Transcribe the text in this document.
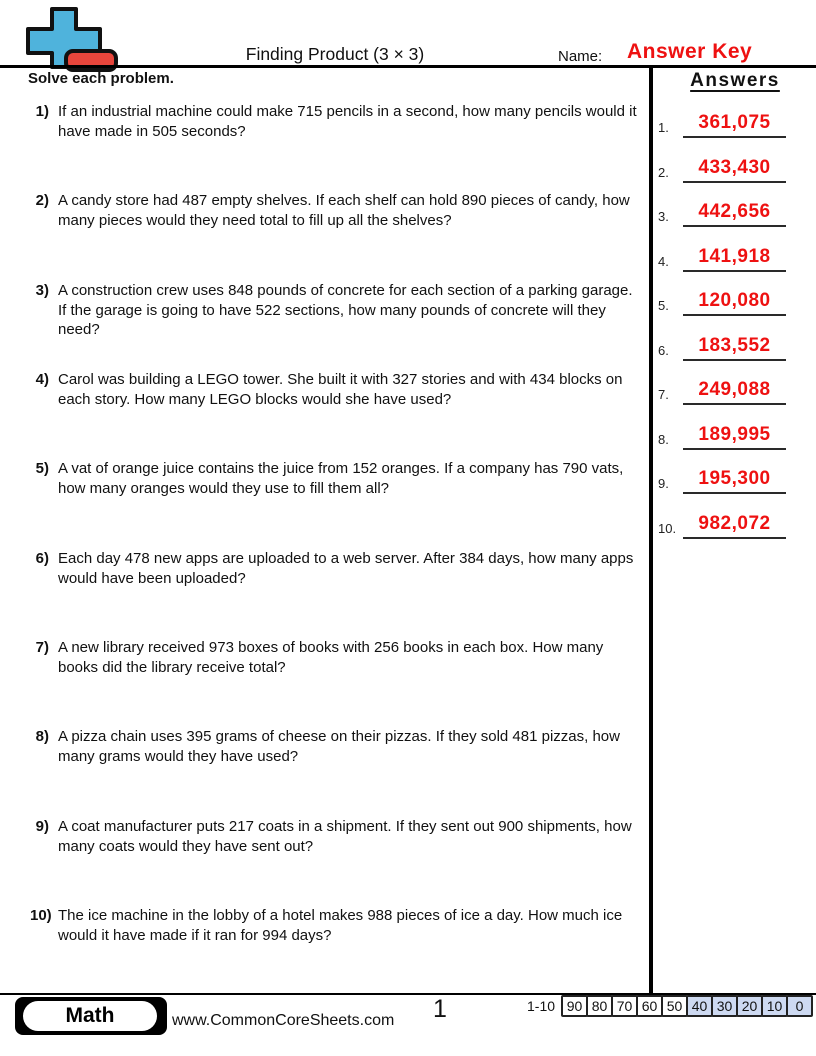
Finding Product (3 × 3)	Name: Answer Key
Solve each problem.
1) If an industrial machine could make 715 pencils in a second, how many pencils would it have made in 505 seconds?
2) A candy store had 487 empty shelves. If each shelf can hold 890 pieces of candy, how many pieces would they need total to fill up all the shelves?
3) A construction crew uses 848 pounds of concrete for each section of a parking garage. If the garage is going to have 522 sections, how many pounds of concrete will they need?
4) Carol was building a LEGO tower. She built it with 327 stories and with 434 blocks on each story. How many LEGO blocks would she have used?
5) A vat of orange juice contains the juice from 152 oranges. If a company has 790 vats, how many oranges would they use to fill them all?
6) Each day 478 new apps are uploaded to a web server. After 384 days, how many apps would have been uploaded?
7) A new library received 973 boxes of books with 256 books in each box. How many books did the library receive total?
8) A pizza chain uses 395 grams of cheese on their pizzas. If they sold 481 pizzas, how many grams would they have used?
9) A coat manufacturer puts 217 coats in a shipment. If they sent out 900 shipments, how many coats would they have sent out?
10) The ice machine in the lobby of a hotel makes 988 pieces of ice a day. How much ice would it have made if it ran for 994 days?
Answers
1.	361,075
2.	433,430
3.	442,656
4.	141,918
5.	120,080
6.	183,552
7.	249,088
8.	189,995
9.	195,300
10.	982,072
Math	www.CommonCoreSheets.com	1	1-10 90 80 70 60 50 40 30 20 10 0
